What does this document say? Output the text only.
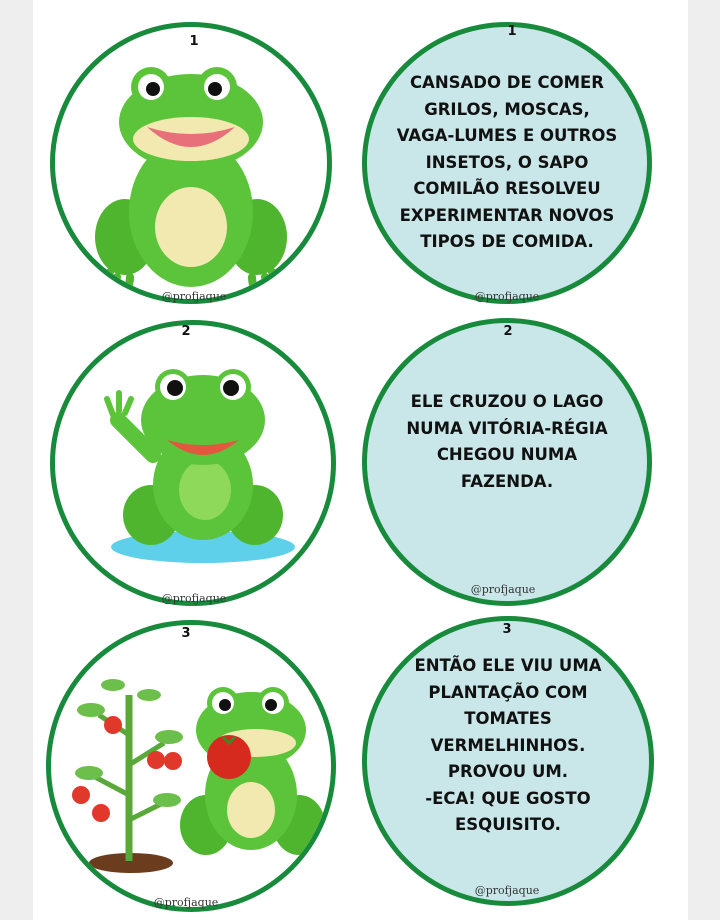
1
@profjaque

CANSADO DE COMER
GRILOS, MOSCAS,
VAGA-LUMES E OUTROS
INSETOS, O SAPO
COMILÃO RESOLVEU
EXPERIMENTAR NOVOS
TIPOS DE COMIDA.

1
@profjaque
2
@profjaque

ELE CRUZOU O LAGO
NUMA VITÓRIA-RÉGIA
CHEGOU NUMA
FAZENDA.

2
@profjaque
3
@profjaque

ENTÃO ELE VIU UMA
PLANTAÇÃO COM
TOMATES
VERMELHINHOS.
PROVOU UM.
-ECA! QUE GOSTO
ESQUISITO.

3
@profjaque
